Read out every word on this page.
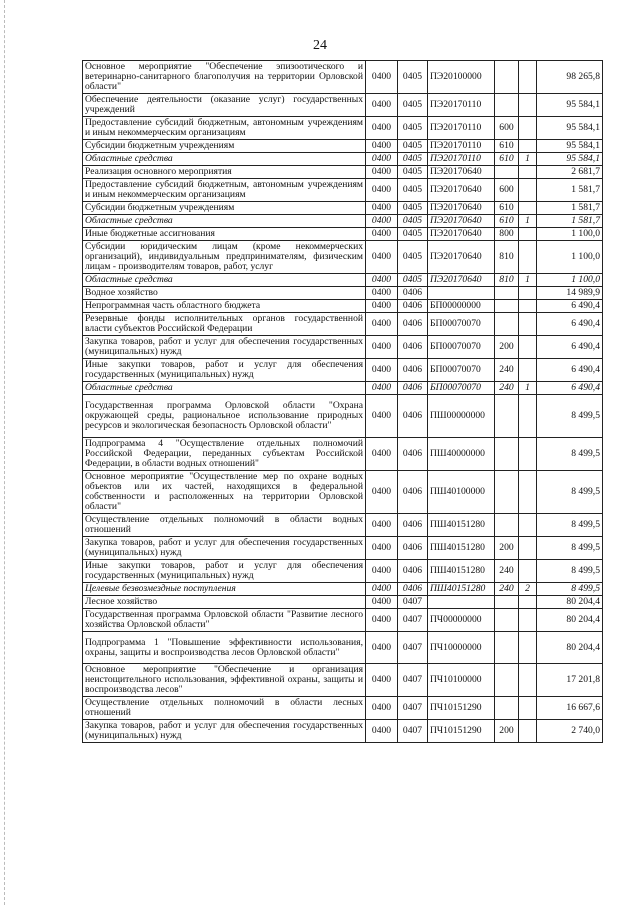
24
Основное мероприятие "Обеспечение эпизоотического и ветеринарно-санитарного благополучия на территории Орловской области"	0400	0405	ПЭ20100000			98 265,8
Обеспечение деятельности (оказание услуг) государственных учреждений	0400	0405	ПЭ20170110			95 584,1
Предоставление субсидий бюджетным, автономным учреждениям и иным некоммерческим организациям	0400	0405	ПЭ20170110	600		95 584,1
Субсидии бюджетным учреждениям	0400	0405	ПЭ20170110	610		95 584,1
Областные средства	0400	0405	ПЭ20170110	610	1	95 584,1
Реализация основного мероприятия	0400	0405	ПЭ20170640			2 681,7
Предоставление субсидий бюджетным, автономным учреждениям и иным некоммерческим организациям	0400	0405	ПЭ20170640	600		1 581,7
Субсидии бюджетным учреждениям	0400	0405	ПЭ20170640	610		1 581,7
Областные средства	0400	0405	ПЭ20170640	610	1	1 581,7
Иные бюджетные ассигнования	0400	0405	ПЭ20170640	800		1 100,0
Субсидии юридическим лицам (кроме некоммерческих организаций), индивидуальным предпринимателям, физическим лицам - производителям товаров, работ, услуг	0400	0405	ПЭ20170640	810		1 100,0
Областные средства	0400	0405	ПЭ20170640	810	1	1 100,0
Водное хозяйство	0400	0406				14 989,9
Непрограммная часть областного бюджета	0400	0406	БП00000000			6 490,4
Резервные фонды исполнительных органов государственной власти субъектов Российской Федерации	0400	0406	БП00070070			6 490,4
Закупка товаров, работ и услуг для обеспечения государственных (муниципальных) нужд	0400	0406	БП00070070	200		6 490,4
Иные закупки товаров, работ и услуг для обеспечения государственных (муниципальных) нужд	0400	0406	БП00070070	240		6 490,4
Областные средства	0400	0406	БП00070070	240	1	6 490,4
Государственная программа Орловской области "Охрана окружающей среды, рациональное использование природных ресурсов и экологическая безопасность Орловской области"	0400	0406	ПШ00000000			8 499,5
Подпрограмма 4 "Осуществление отдельных полномочий Российской Федерации, переданных субъектам Российской Федерации, в области водных отношений"	0400	0406	ПШ40000000			8 499,5
Основное мероприятие "Осуществление мер по охране водных объектов или их частей, находящихся в федеральной собственности и расположенных на территории Орловской области"	0400	0406	ПШ40100000			8 499,5
Осуществление отдельных полномочий в области водных отношений	0400	0406	ПШ40151280			8 499,5
Закупка товаров, работ и услуг для обеспечения государственных (муниципальных) нужд	0400	0406	ПШ40151280	200		8 499,5
Иные закупки товаров, работ и услуг для обеспечения государственных (муниципальных) нужд	0400	0406	ПШ40151280	240		8 499,5
Целевые безвозмездные поступления	0400	0406	ПШ40151280	240	2	8 499,5
Лесное хозяйство	0400	0407				80 204,4
Государственная программа Орловской области "Развитие лесного хозяйства Орловской области"	0400	0407	ПЧ00000000			80 204,4
Подпрограмма 1 "Повышение эффективности использования, охраны, защиты и воспроизводства лесов Орловской области"	0400	0407	ПЧ10000000			80 204,4
Основное мероприятие "Обеспечение и организация неистощительного использования, эффективной охраны, защиты и воспроизводства лесов"	0400	0407	ПЧ10100000			17 201,8
Осуществление отдельных полномочий в области лесных отношений	0400	0407	ПЧ10151290			16 667,6
Закупка товаров, работ и услуг для обеспечения государственных (муниципальных) нужд	0400	0407	ПЧ10151290	200		2 740,0
